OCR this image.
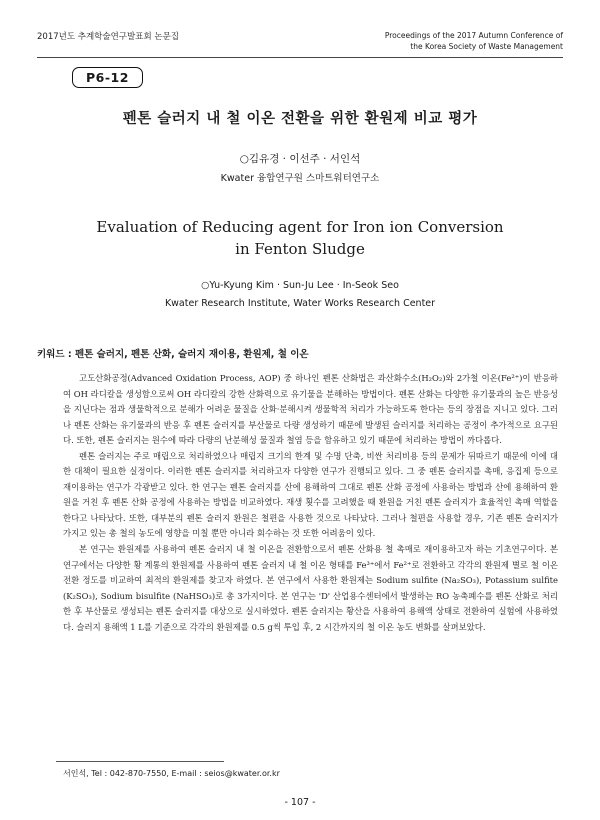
2017년도 추계학술연구발표회 논문집	Proceedings of the 2017 Autumn Conference of
the Korea Society of Waste Management
P6-12
펜톤 슬러지 내 철 이온 전환을 위한 환원제 비교 평가
○김유경 · 이선주 · 서인석
Kwater 융합연구원 스마트워터연구소
Evaluation of Reducing agent for Iron ion Conversion
in Fenton Sludge
○Yu-Kyung Kim · Sun-Ju Lee · In-Seok Seo
Kwater Research Institute, Water Works Research Center
키워드 : 펜톤 슬러지, 펜톤 산화, 슬러지 재이용, 환원제, 철 이온

고도산화공정(Advanced Oxidation Process, AOP) 중 하나인 펜톤 산화법은 과산화수소(H₂O₂)와 2가철 이온(Fe²⁺)이 반응하여 OH 라디칼을 생성함으로써 OH 라디칼의 강한 산화력으로 유기물을 분해하는 방법이다. 펜톤 산화는 다양한 유기물과의 높은 반응성을 지닌다는 점과 생물학적으로 분해가 어려운 물질을 산화·분해시켜 생물학적 처리가 가능하도록 한다는 등의 장점을 지니고 있다. 그러나 펜톤 산화는 유기물과의 반응 후 펜톤 슬러지를 부산물로 다량 생성하기 때문에 발생된 슬러지를 처리하는 공정이 추가적으로 요구된다. 또한, 펜톤 슬러지는 원수에 따라 다량의 난분해성 물질과 철염 등을 함유하고 있기 때문에 처리하는 방법이 까다롭다.

펜톤 슬러지는 주로 매립으로 처리하였으나 매립지 크기의 한계 및 수명 단축, 비싼 처리비용 등의 문제가 뒤따르기 때문에 이에 대한 대책이 필요한 실정이다. 이러한 펜톤 슬러지를 처리하고자 다양한 연구가 진행되고 있다. 그 중 펜톤 슬러지를 촉매, 응집제 등으로 재이용하는 연구가 각광받고 있다. 한 연구는 펜톤 슬러지를 산에 용해하여 그대로 펜톤 산화 공정에 사용하는 방법과 산에 용해하여 환원을 거친 후 펜톤 산화 공정에 사용하는 방법을 비교하였다. 재생 횟수를 고려했을 때 환원을 거친 펜톤 슬러지가 효율적인 촉매 역할을 한다고 나타났다. 또한, 대부분의 펜톤 슬러지 환원은 철편을 사용한 것으로 나타났다. 그러나 철편을 사용할 경우, 기존 펜톤 슬러지가 가지고 있는 총 철의 농도에 영향을 미칠 뿐만 아니라 회수하는 것 또한 어려움이 있다.

본 연구는 환원제를 사용하여 펜톤 슬러지 내 철 이온을 전환함으로서 펜톤 산화용 철 촉매로 재이용하고자 하는 기초연구이다. 본 연구에서는 다양한 황 계통의 환원제를 사용하여 펜톤 슬러지 내 철 이온 형태를 Fe³⁺에서 Fe²⁺로 전환하고 각각의 환원제 별로 철 이온 전환 정도를 비교하여 최적의 환원제를 찾고자 하였다. 본 연구에서 사용한 환원제는 Sodium sulfite (Na₂SO₃), Potassium sulfite (K₂SO₃), Sodium bisulfite (NaHSO₃)로 총 3가지이다. 본 연구는 'D' 산업용수센터에서 발생하는 RO 농축폐수를 펜톤 산화로 처리한 후 부산물로 생성되는 펜톤 슬러지를 대상으로 실시하였다. 펜톤 슬러지는 황산을 사용하여 용해액 상태로 전환하여 실험에 사용하였다. 슬러지 용해액 1 L를 기준으로 각각의 환원제를 0.5 g씩 투입 후, 2 시간까지의 철 이온 농도 변화를 살펴보았다.

서인석, Tel : 042-870-7550, E-mail : seios@kwater.or.kr
- 107 -
